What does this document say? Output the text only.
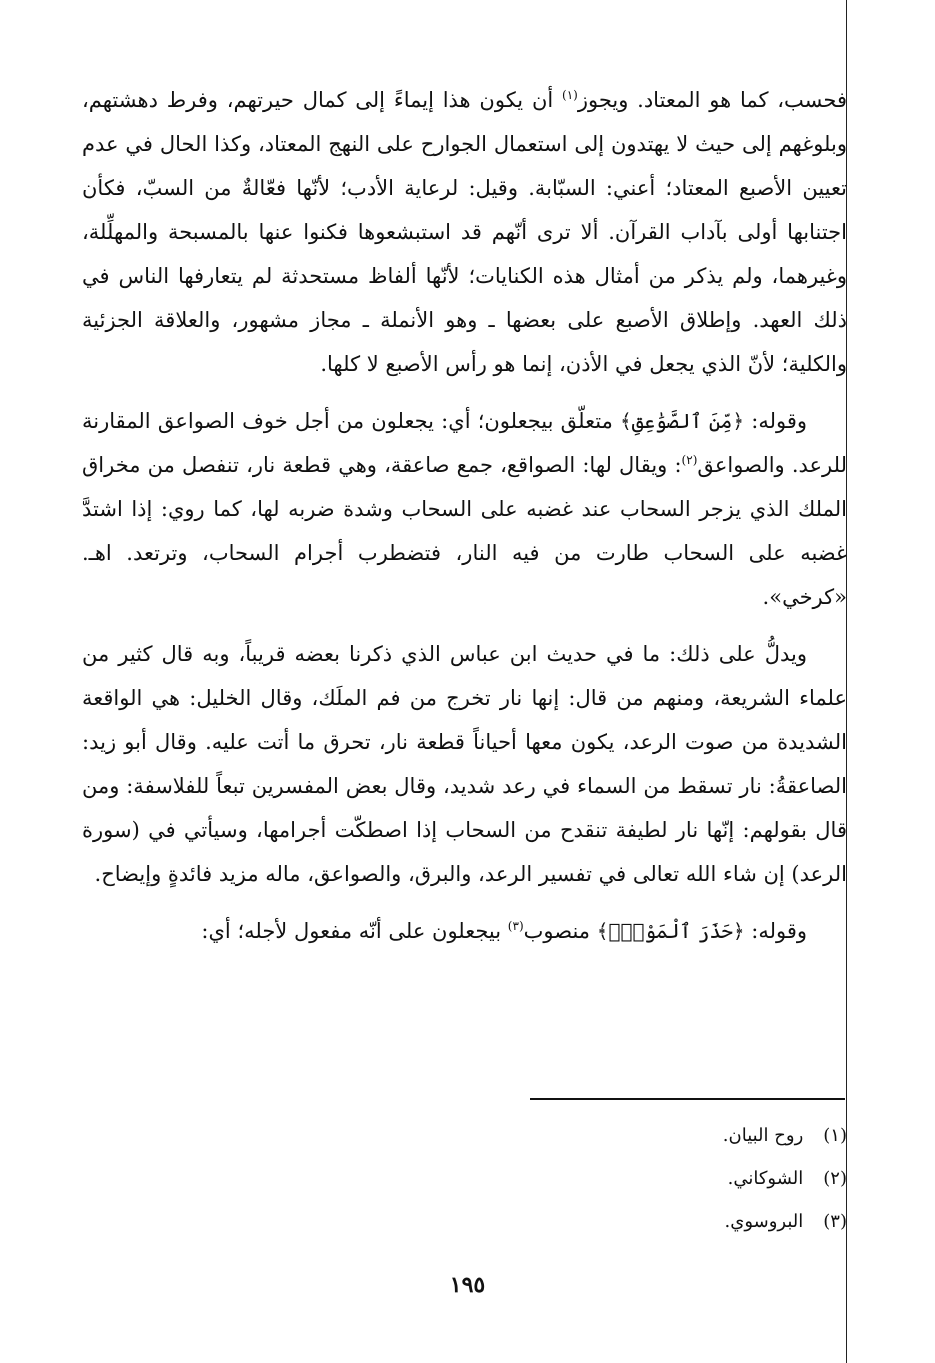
فحسب، كما هو المعتاد. ويجوز$^{(١)}$ أن يكون هذا إيماءً إلى كمال حيرتهم، وفرط دهشتهم، وبلوغهم إلى حيث لا يهتدون إلى استعمال الجوارح على النهج المعتاد، وكذا الحال في عدم تعيين الأصبع المعتاد؛ أعني: السبّابة. وقيل: لرعاية الأدب؛ لأنّها فعّالةٌ من السبّ، فكأن اجتنابها أولى بآداب القرآن. ألا ترى أنّهم قد استبشعوها فكنوا عنها بالمسبحة والمهلِّلة، وغيرهما، ولم يذكر من أمثال هذه الكنايات؛ لأنّها ألفاظ مستحدثة لم يتعارفها الناس في ذلك العهد. وإطلاق الأصبع على بعضها ـ وهو الأنملة ـ مجاز مشهور، والعلاقة الجزئية والكلية؛ لأنّ الذي يجعل في الأذن، إنما هو رأس الأصبع لا كلها.

وقوله: ﴿مِّنَ ٱلصَّوَٰعِقِ﴾ متعلّق بيجعلون؛ أي: يجعلون من أجل خوف الصواعق المقارنة للرعد. والصواعق$^{(٢)}$: ويقال لها: الصواقع، جمع صاعقة، وهي قطعة نار، تنفصل من مخراق الملك الذي يزجر السحاب عند غضبه على السحاب وشدة ضربه لها، كما روي: إذا اشتدَّ غضبه على السحاب طارت من فيه النار، فتضطرب أجرام السحاب، وترتعد. اهـ. «كرخي».

ويدلُّ على ذلك: ما في حديث ابن عباس الذي ذكرنا بعضه قريباً، وبه قال كثير من علماء الشريعة، ومنهم من قال: إنها نار تخرج من فم الملَك، وقال الخليل: هي الواقعة الشديدة من صوت الرعد، يكون معها أحياناً قطعة نار، تحرق ما أتت عليه. وقال أبو زيد: الصاعقةُ: نار تسقط من السماء في رعد شديد، وقال بعض المفسرين تبعاً للفلاسفة: ومن قال بقولهم: إنّها نار لطيفة تنقدح من السحاب إذا اصطكّت أجرامها، وسيأتي في (سورة الرعد) إن شاء الله تعالى في تفسير الرعد، والبرق، والصواعق، ماله مزيد فائدةٍ وإيضاح.

وقوله: ﴿حَذَرَ ٱلْمَوْتِۚ﴾ منصوب$^{(٣)}$ بيجعلون على أنّه مفعول لأجله؛ أي:

(١) روح البيان.
(٢) الشوكاني.
(٣) البروسوي.
١٩٥
